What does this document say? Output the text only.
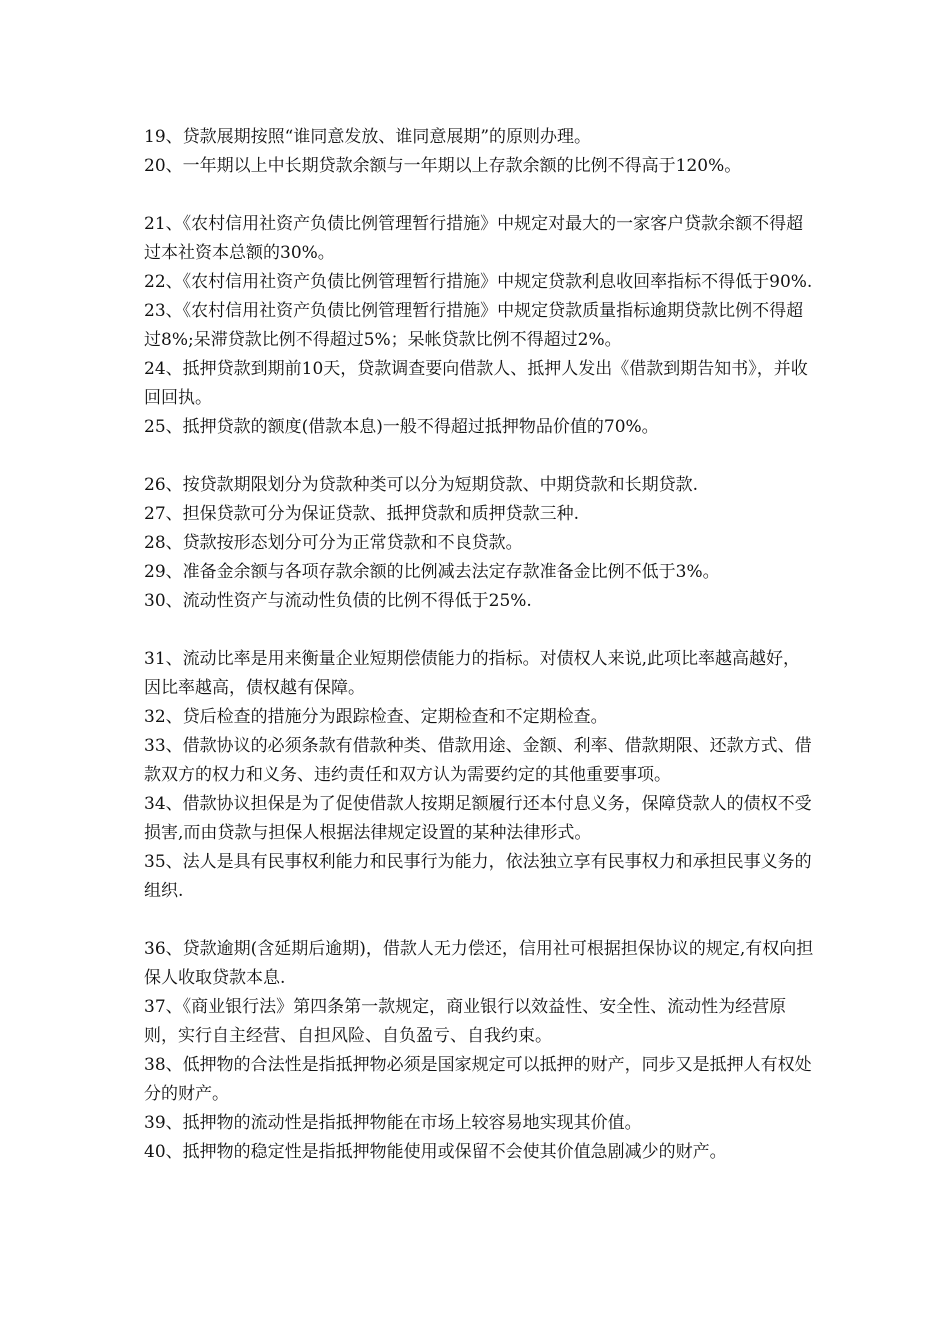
19、贷款展期按照“谁同意发放、谁同意展期”的原则办理。

20、一年期以上中长期贷款余额与一年期以上存款余额的比例不得高于120%。

21、《农村信用社资产负债比例管理暂行措施》中规定对最大的一家客户贷款余额不得超过本社资本总额的30%。

22、《农村信用社资产负债比例管理暂行措施》中规定贷款利息收回率指标不得低于90%.

23、《农村信用社资产负债比例管理暂行措施》中规定贷款质量指标逾期贷款比例不得超过8%;呆滞贷款比例不得超过5%；呆帐贷款比例不得超过2%。

24、抵押贷款到期前10天，贷款调查要向借款人、抵押人发出《借款到期告知书》，并收回回执。

25、抵押贷款的额度(借款本息)一般不得超过抵押物品价值的70%。

26、按贷款期限划分为贷款种类可以分为短期贷款、中期贷款和长期贷款.

27、担保贷款可分为保证贷款、抵押贷款和质押贷款三种.

28、贷款按形态划分可分为正常贷款和不良贷款。

29、准备金余额与各项存款余额的比例减去法定存款准备金比例不低于3%。

30、流动性资产与流动性负债的比例不得低于25%.

31、流动比率是用来衡量企业短期偿债能力的指标。对债权人来说,此项比率越高越好，因比率越高，债权越有保障。

32、贷后检查的措施分为跟踪检查、定期检查和不定期检查。

33、借款协议的必须条款有借款种类、借款用途、金额、利率、借款期限、还款方式、借款双方的权力和义务、违约责任和双方认为需要约定的其他重要事项。

34、借款协议担保是为了促使借款人按期足额履行还本付息义务，保障贷款人的债权不受损害,而由贷款与担保人根据法律规定设置的某种法律形式。

35、法人是具有民事权利能力和民事行为能力，依法独立享有民事权力和承担民事义务的组织.

36、贷款逾期(含延期后逾期)，借款人无力偿还，信用社可根据担保协议的规定,有权向担保人收取贷款本息.

37、《商业银行法》第四条第一款规定，商业银行以效益性、安全性、流动性为经营原则，实行自主经营、自担风险、自负盈亏、自我约束。

38、低押物的合法性是指抵押物必须是国家规定可以抵押的财产，同步又是抵押人有权处分的财产。

39、抵押物的流动性是指抵押物能在市场上较容易地实现其价值。

40、抵押物的稳定性是指抵押物能使用或保留不会使其价值急剧减少的财产。
